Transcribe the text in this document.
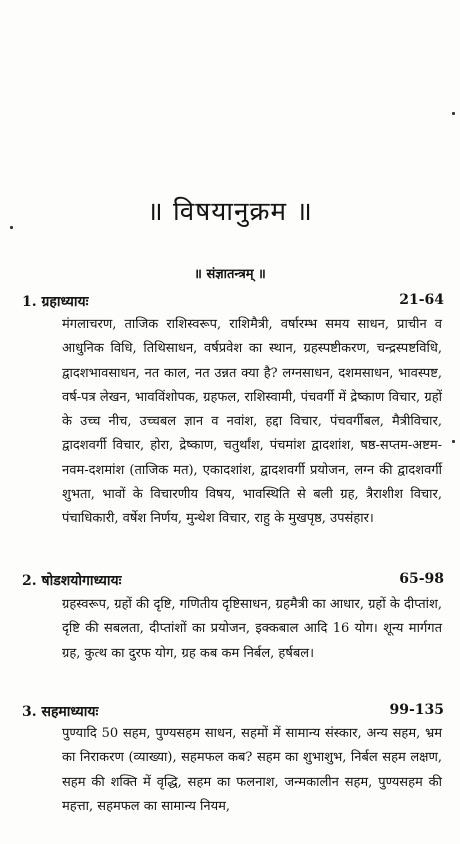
॥ विषयानुक्रम ॥
॥ संज्ञातन्त्रम् ॥
1. ग्रहाध्यायः	21-64
मंगलाचरण, ताजिक राशिस्वरूप, राशिमैत्री, वर्षारम्भ समय साधन, प्राचीन व आधुनिक विधि, तिथिसाधन, वर्षप्रवेश का स्थान, ग्रहस्पष्टीकरण, चन्द्रस्पष्टविधि, द्वादशभावसाधन, नत काल, नत उन्नत क्या है? लग्नसाधन, दशमसाधन, भावस्पष्ट, वर्ष-पत्र लेखन, भावविंशोपक, ग्रहफल, राशिस्वामी, पंचवर्गी में द्रेष्काण विचार, ग्रहों के उच्च नीच, उच्चबल ज्ञान व नवांश, हद्दा विचार, पंचवर्गीबल, मैत्रीविचार, द्वादशवर्गी विचार, होरा, द्रेष्काण, चतुर्थांश, पंचमांश द्वादशांश, षष्ठ-सप्तम-अष्टम-नवम-दशमांश (ताजिक मत), एकादशांश, द्वादशवर्गी प्रयोजन, लग्न की द्वादशवर्गी शुभता, भावों के विचारणीय विषय, भावस्थिति से बली ग्रह, त्रैराशीश विचार, पंचाधिकारी, वर्षेश निर्णय, मुन्थेश विचार, राहु के मुखपृष्ठ, उपसंहार।
2. षोडशयोगाध्यायः	65-98
ग्रहस्वरूप, ग्रहों की दृष्टि, गणितीय दृष्टिसाधन, ग्रहमैत्री का आधार, ग्रहों के दीप्तांश, दृष्टि की सबलता, दीप्तांशों का प्रयोजन, इक्कबाल आदि 16 योग। शून्य मार्गगत ग्रह, कुत्थ का दुरफ योग, ग्रह कब कम निर्बल, हर्षबल।
3. सहमाध्यायः	99-135
पुण्यादि 50 सहम, पुण्यसहम साधन, सहमों में सामान्य संस्कार, अन्य सहम, भ्रम का निराकरण (व्याख्या), सहमफल कब? सहम का शुभाशुभ, निर्बल सहम लक्षण, सहम की शक्ति में वृद्धि, सहम का फलनाश, जन्मकालीन सहम, पुण्यसहम की महत्ता, सहमफल का सामान्य नियम,
